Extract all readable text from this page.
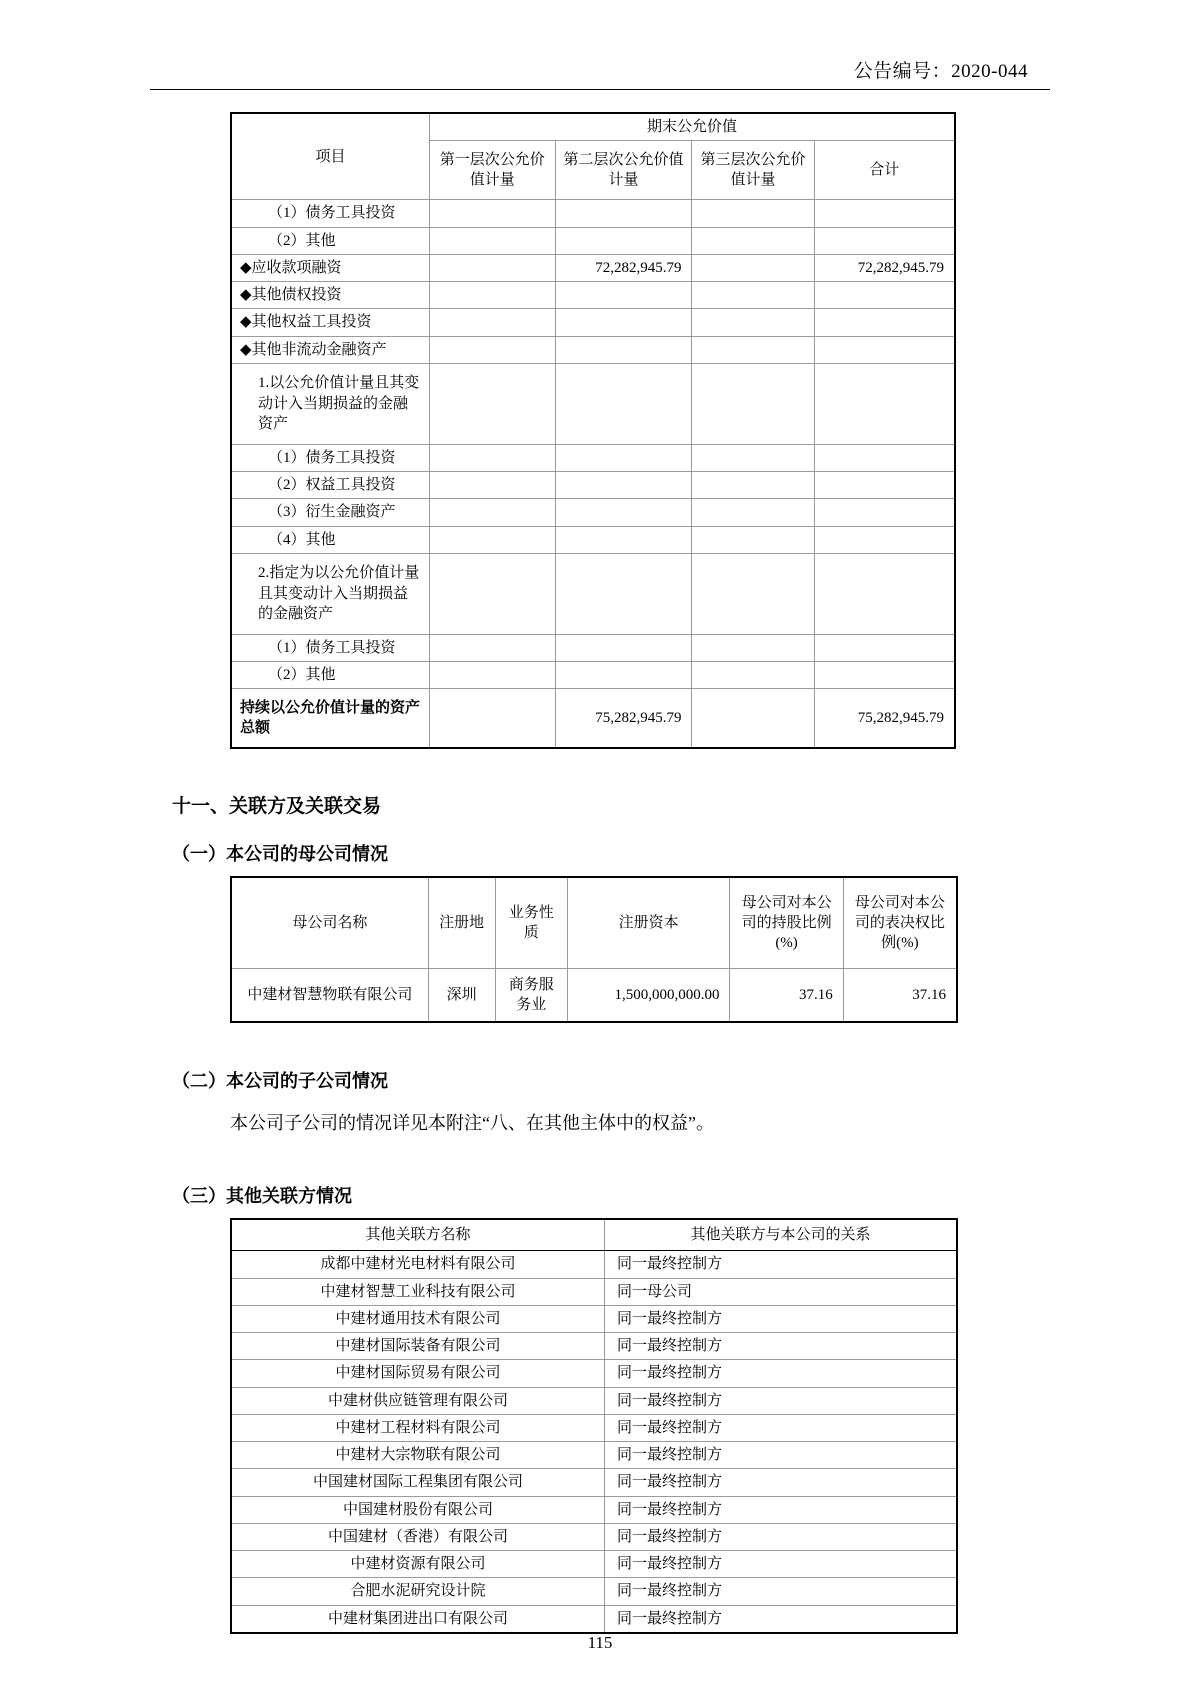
公告编号：2020-044
项目	期末公允价值			
	第一层次公允价值计量	第二层次公允价值计量	第三层次公允价值计量	合计
（1）债务工具投资				
（2）其他				
◆应收款项融资		72,282,945.79		72,282,945.79
◆其他债权投资				
◆其他权益工具投资				
◆其他非流动金融资产				
1.以公允价值计量且其变动计入当期损益的金融资产				
（1）债务工具投资				
（2）权益工具投资				
（3）衍生金融资产				
（4）其他				
2.指定为以公允价值计量且其变动计入当期损益的金融资产				
（1）债务工具投资				
（2）其他				
持续以公允价值计量的资产总额		75,282,945.79		75,282,945.79
十一、关联方及关联交易
（一）本公司的母公司情况
母公司名称	注册地	业务性质	注册资本	母公司对本公司的持股比例(%)	母公司对本公司的表决权比例(%)
中建材智慧物联有限公司	深圳	商务服务业	1,500,000,000.00	37.16	37.16
（二）本公司的子公司情况
本公司子公司的情况详见本附注“八、在其他主体中的权益”。
（三）其他关联方情况
其他关联方名称	其他关联方与本公司的关系
成都中建材光电材料有限公司	同一最终控制方
中建材智慧工业科技有限公司	同一母公司
中建材通用技术有限公司	同一最终控制方
中建材国际装备有限公司	同一最终控制方
中建材国际贸易有限公司	同一最终控制方
中建材供应链管理有限公司	同一最终控制方
中建材工程材料有限公司	同一最终控制方
中建材大宗物联有限公司	同一最终控制方
中国建材国际工程集团有限公司	同一最终控制方
中国建材股份有限公司	同一最终控制方
中国建材（香港）有限公司	同一最终控制方
中建材资源有限公司	同一最终控制方
合肥水泥研究设计院	同一最终控制方
中建材集团进出口有限公司	同一最终控制方
115
